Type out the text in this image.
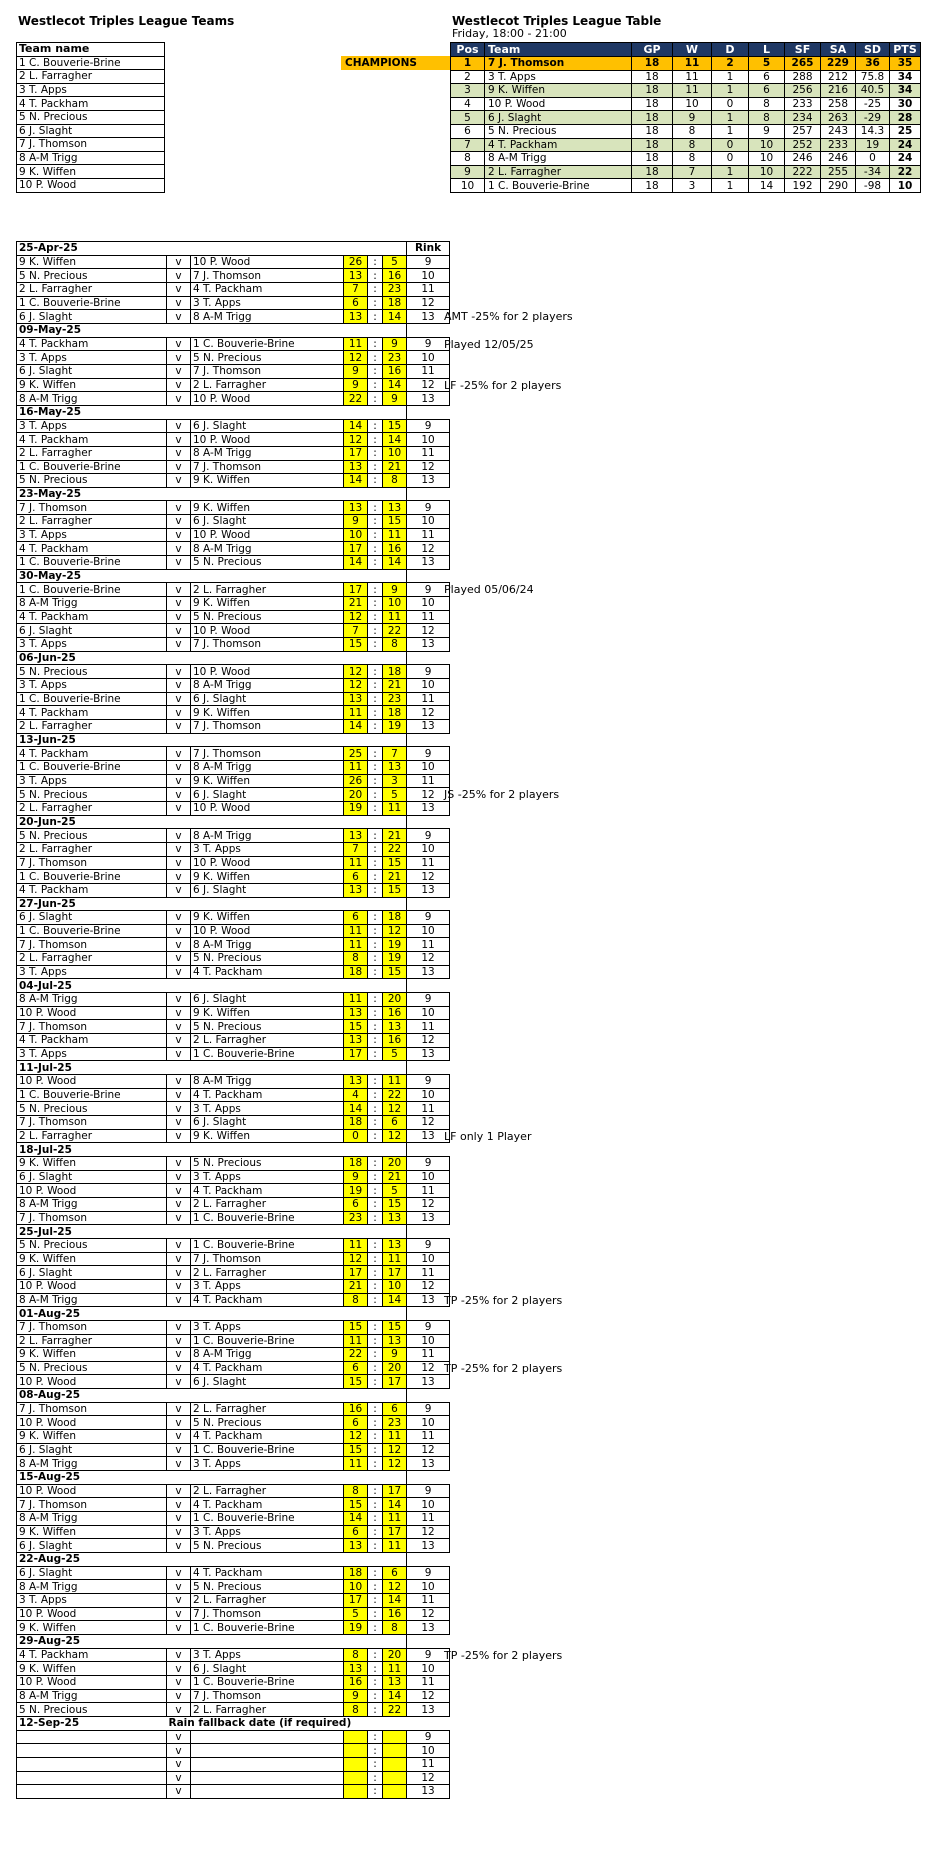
Westlecot Triples League Teams	Westlecot Triples League Table
Friday, 18:00 - 21:00
Team name
1 C. Bouverie-Brine
2 L. Farragher
3 T. Apps
4 T. Packham
5 N. Precious
6 J. Slaght
7 J. Thomson
8 A-M Trigg
9 K. Wiffen
10 P. Wood
CHAMPIONS
Pos	Team	GP	W	D	L	SF	SA	SD	PTS
1	7 J. Thomson	18	11	2	5	265	229	36	35
2	3 T. Apps	18	11	1	6	288	212	75.8	34
3	9 K. Wiffen	18	11	1	6	256	216	40.5	34
4	10 P. Wood	18	10	0	8	233	258	-25	30
5	6 J. Slaght	18	9	1	8	234	263	-29	28
6	5 N. Precious	18	8	1	9	257	243	14.3	25
7	4 T. Packham	18	8	0	10	252	233	19	24
8	8 A-M Trigg	18	8	0	10	246	246	0	24
9	2 L. Farragher	18	7	1	10	222	255	-34	22
10	1 C. Bouverie-Brine	18	3	1	14	192	290	-98	10
25-Apr-25						Rink
9 K. Wiffen	v	10 P. Wood	26	:	5	9
5 N. Precious	v	7 J. Thomson	13	:	16	10
2 L. Farragher	v	4 T. Packham	7	:	23	11
1 C. Bouverie-Brine	v	3 T. Apps	6	:	18	12
6 J. Slaght	v	8 A-M Trigg	13	:	14	13 AMT -25% for 2 players

09-May-25						
4 T. Packham	v	1 C. Bouverie-Brine	11	:	9	9 Played 12/05/25

3 T. Apps	v	5 N. Precious	12	:	23	10
6 J. Slaght	v	7 J. Thomson	9	:	16	11
9 K. Wiffen	v	2 L. Farragher	9	:	14	12 LF -25% for 2 players

8 A-M Trigg	v	10 P. Wood	22	:	9	13
16-May-25						
3 T. Apps	v	6 J. Slaght	14	:	15	9
4 T. Packham	v	10 P. Wood	12	:	14	10
2 L. Farragher	v	8 A-M Trigg	17	:	10	11
1 C. Bouverie-Brine	v	7 J. Thomson	13	:	21	12
5 N. Precious	v	9 K. Wiffen	14	:	8	13
23-May-25						
7 J. Thomson	v	9 K. Wiffen	13	:	13	9
2 L. Farragher	v	6 J. Slaght	9	:	15	10
3 T. Apps	v	10 P. Wood	10	:	11	11
4 T. Packham	v	8 A-M Trigg	17	:	16	12
1 C. Bouverie-Brine	v	5 N. Precious	14	:	14	13
30-May-25						
1 C. Bouverie-Brine	v	2 L. Farragher	17	:	9	9 Played 05/06/24

8 A-M Trigg	v	9 K. Wiffen	21	:	10	10
4 T. Packham	v	5 N. Precious	12	:	11	11
6 J. Slaght	v	10 P. Wood	7	:	22	12
3 T. Apps	v	7 J. Thomson	15	:	8	13
06-Jun-25						
5 N. Precious	v	10 P. Wood	12	:	18	9
3 T. Apps	v	8 A-M Trigg	12	:	21	10
1 C. Bouverie-Brine	v	6 J. Slaght	13	:	23	11
4 T. Packham	v	9 K. Wiffen	11	:	18	12
2 L. Farragher	v	7 J. Thomson	14	:	19	13
13-Jun-25						
4 T. Packham	v	7 J. Thomson	25	:	7	9
1 C. Bouverie-Brine	v	8 A-M Trigg	11	:	13	10
3 T. Apps	v	9 K. Wiffen	26	:	3	11
5 N. Precious	v	6 J. Slaght	20	:	5	12 JS -25% for 2 players

2 L. Farragher	v	10 P. Wood	19	:	11	13
20-Jun-25						
5 N. Precious	v	8 A-M Trigg	13	:	21	9
2 L. Farragher	v	3 T. Apps	7	:	22	10
7 J. Thomson	v	10 P. Wood	11	:	15	11
1 C. Bouverie-Brine	v	9 K. Wiffen	6	:	21	12
4 T. Packham	v	6 J. Slaght	13	:	15	13
27-Jun-25						
6 J. Slaght	v	9 K. Wiffen	6	:	18	9
1 C. Bouverie-Brine	v	10 P. Wood	11	:	12	10
7 J. Thomson	v	8 A-M Trigg	11	:	19	11
2 L. Farragher	v	5 N. Precious	8	:	19	12
3 T. Apps	v	4 T. Packham	18	:	15	13
04-Jul-25						
8 A-M Trigg	v	6 J. Slaght	11	:	20	9
10 P. Wood	v	9 K. Wiffen	13	:	16	10
7 J. Thomson	v	5 N. Precious	15	:	13	11
4 T. Packham	v	2 L. Farragher	13	:	16	12
3 T. Apps	v	1 C. Bouverie-Brine	17	:	5	13
11-Jul-25						
10 P. Wood	v	8 A-M Trigg	13	:	11	9
1 C. Bouverie-Brine	v	4 T. Packham	4	:	22	10
5 N. Precious	v	3 T. Apps	14	:	12	11
7 J. Thomson	v	6 J. Slaght	18	:	6	12
2 L. Farragher	v	9 K. Wiffen	0	:	12	13 LF only 1 Player

18-Jul-25						
9 K. Wiffen	v	5 N. Precious	18	:	20	9
6 J. Slaght	v	3 T. Apps	9	:	21	10
10 P. Wood	v	4 T. Packham	19	:	5	11
8 A-M Trigg	v	2 L. Farragher	6	:	15	12
7 J. Thomson	v	1 C. Bouverie-Brine	23	:	13	13
25-Jul-25						
5 N. Precious	v	1 C. Bouverie-Brine	11	:	13	9
9 K. Wiffen	v	7 J. Thomson	12	:	11	10
6 J. Slaght	v	2 L. Farragher	17	:	17	11
10 P. Wood	v	3 T. Apps	21	:	10	12
8 A-M Trigg	v	4 T. Packham	8	:	14	13 TP -25% for 2 players

01-Aug-25						
7 J. Thomson	v	3 T. Apps	15	:	15	9
2 L. Farragher	v	1 C. Bouverie-Brine	11	:	13	10
9 K. Wiffen	v	8 A-M Trigg	22	:	9	11
5 N. Precious	v	4 T. Packham	6	:	20	12 TP -25% for 2 players

10 P. Wood	v	6 J. Slaght	15	:	17	13
08-Aug-25						
7 J. Thomson	v	2 L. Farragher	16	:	6	9
10 P. Wood	v	5 N. Precious	6	:	23	10
9 K. Wiffen	v	4 T. Packham	12	:	11	11
6 J. Slaght	v	1 C. Bouverie-Brine	15	:	12	12
8 A-M Trigg	v	3 T. Apps	11	:	12	13
15-Aug-25						
10 P. Wood	v	2 L. Farragher	8	:	17	9
7 J. Thomson	v	4 T. Packham	15	:	14	10
8 A-M Trigg	v	1 C. Bouverie-Brine	14	:	11	11
9 K. Wiffen	v	3 T. Apps	6	:	17	12
6 J. Slaght	v	5 N. Precious	13	:	11	13
22-Aug-25						
6 J. Slaght	v	4 T. Packham	18	:	6	9
8 A-M Trigg	v	5 N. Precious	10	:	12	10
3 T. Apps	v	2 L. Farragher	17	:	14	11
10 P. Wood	v	7 J. Thomson	5	:	16	12
9 K. Wiffen	v	1 C. Bouverie-Brine	19	:	8	13
29-Aug-25						
4 T. Packham	v	3 T. Apps	8	:	20	9 TP -25% for 2 players

9 K. Wiffen	v	6 J. Slaght	13	:	11	10
10 P. Wood	v	1 C. Bouverie-Brine	16	:	13	11
8 A-M Trigg	v	7 J. Thomson	9	:	14	12
5 N. Precious	v	2 L. Farragher	8	:	22	13
12-Sep-25	Rain fallback date (if required)					
	v			:		9
	v			:		10
	v			:		11
	v			:		12
	v			:		13
